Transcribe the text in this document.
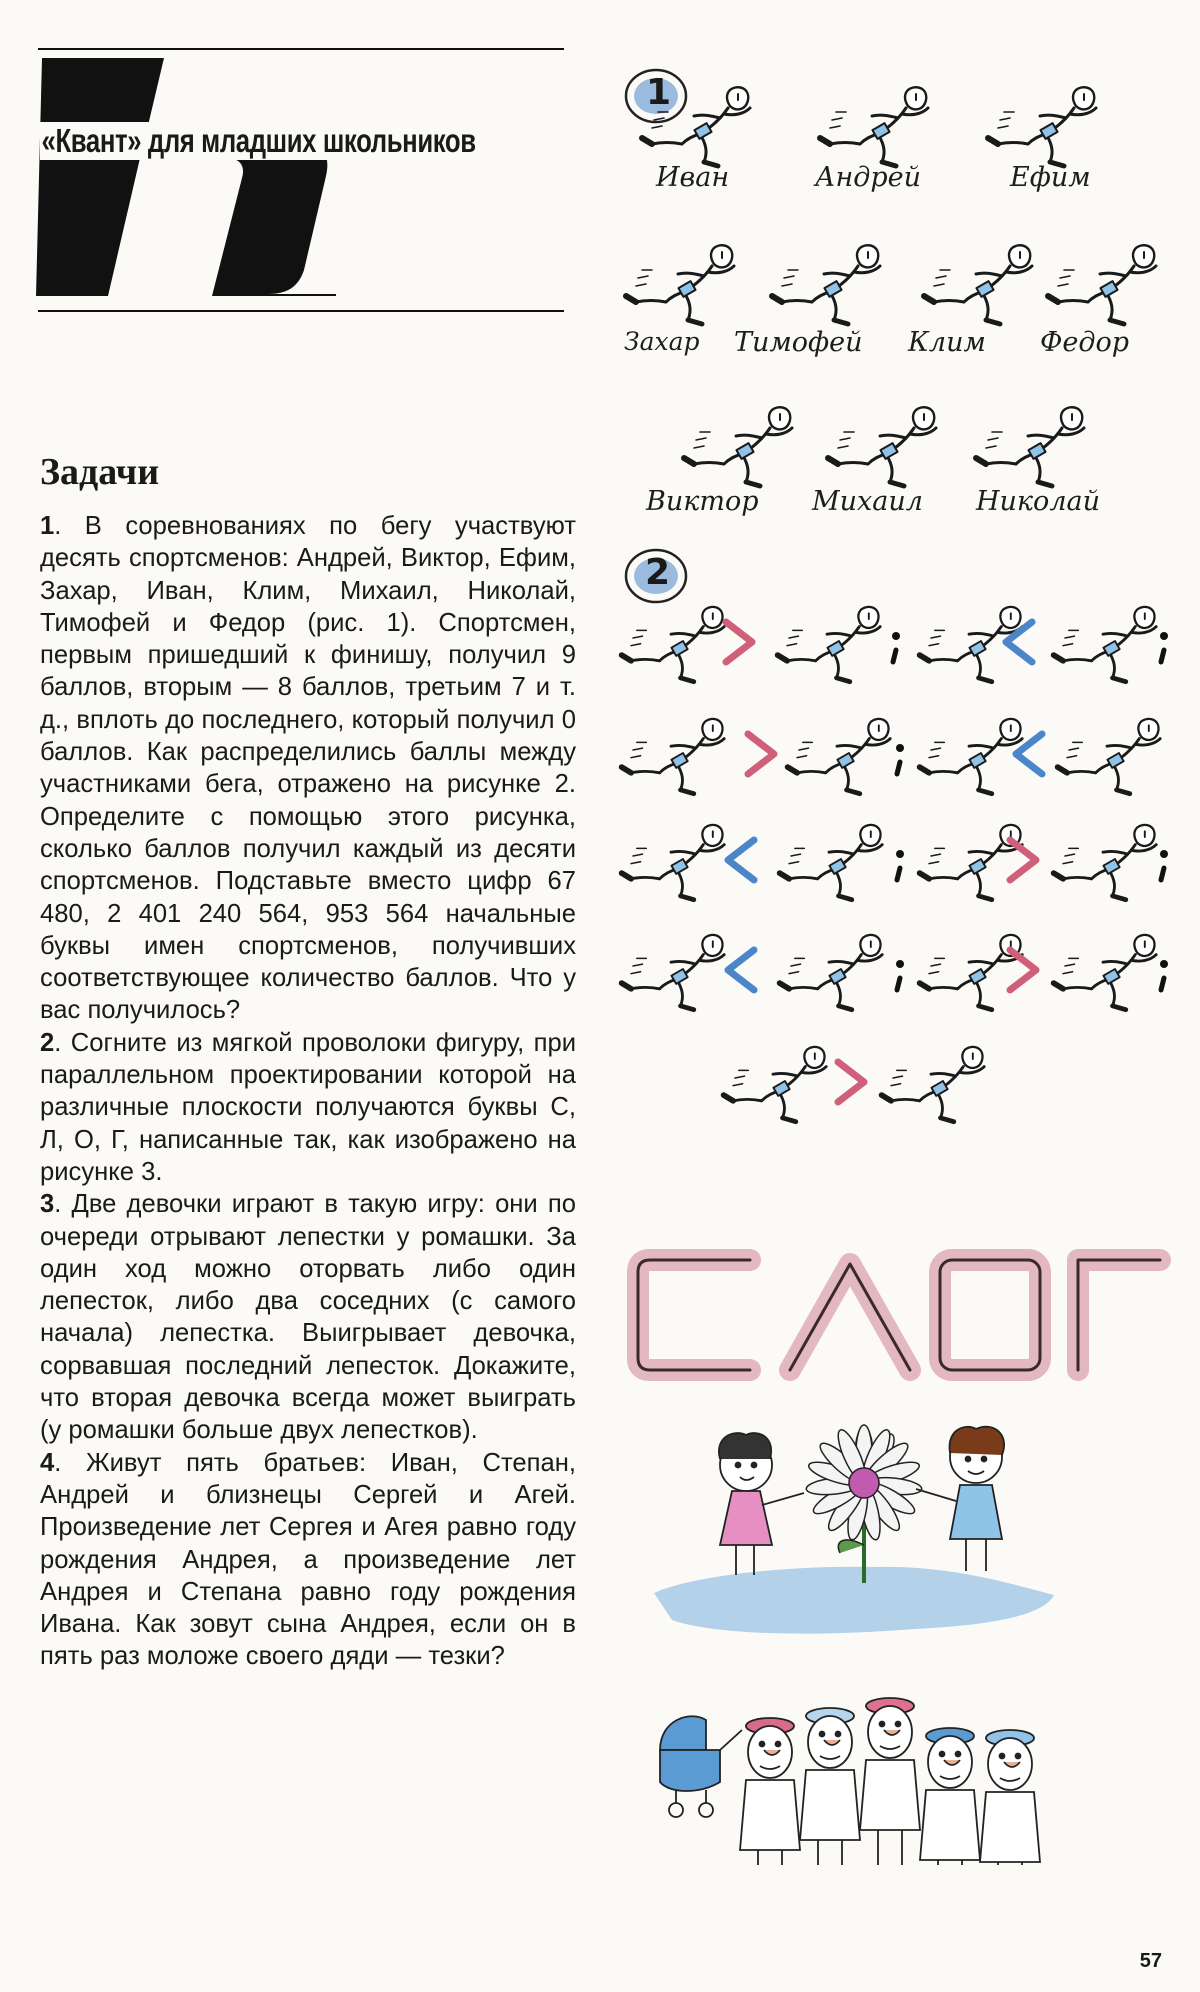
«Квант» для младших школьников
Задачи

1. В соревнованиях по бегу участвуют десять спортсменов: Андрей, Виктор, Ефим, Захар, Иван, Клим, Михаил, Николай, Тимофей и Федор (рис. 1). Спортсмен, первым пришедший к финишу, получил 9 баллов, вторым — 8 баллов, третьим 7 и т. д., вплоть до последнего, который получил 0 баллов. Как распределились баллы между участниками бега, отражено на рисунке 2. Определите с помощью этого рисунка, сколько баллов получил каждый из десяти спортсменов. Подставьте вместо цифр 67 480, 2 401 240 564, 953 564 начальные буквы имен спортсменов, получивших соответствующее количество баллов. Что у вас получилось?

2. Согните из мягкой проволоки фигуру, при параллельном проектировании которой на различные плоскости получаются буквы С, Л, О, Г, написанные так, как изображено на рисунке 3.

3. Две девочки играют в такую игру: они по очереди отрывают лепестки у ромашки. За один ход можно оторвать либо один лепесток, либо два соседних (с самого начала) лепестка. Выигрывает девочка, сорвавшая последний лепесток. Докажите, что вторая девочка всегда может выиграть (у ромашки больше двух лепестков).

4. Живут пять братьев: Иван, Степан, Андрей и близнецы Сергей и Агей. Произведение лет Сергея и Агея равно году рождения Андрея, а произведение лет Андрея и Степана равно году рождения Ивана. Как зовут сына Андрея, если он в пять раз моложе своего дяди — тезки?

1
Иван	Андрей	Ефим
Захар Тимофей Клим Федор
Виктор Михаил Николай
2
57
